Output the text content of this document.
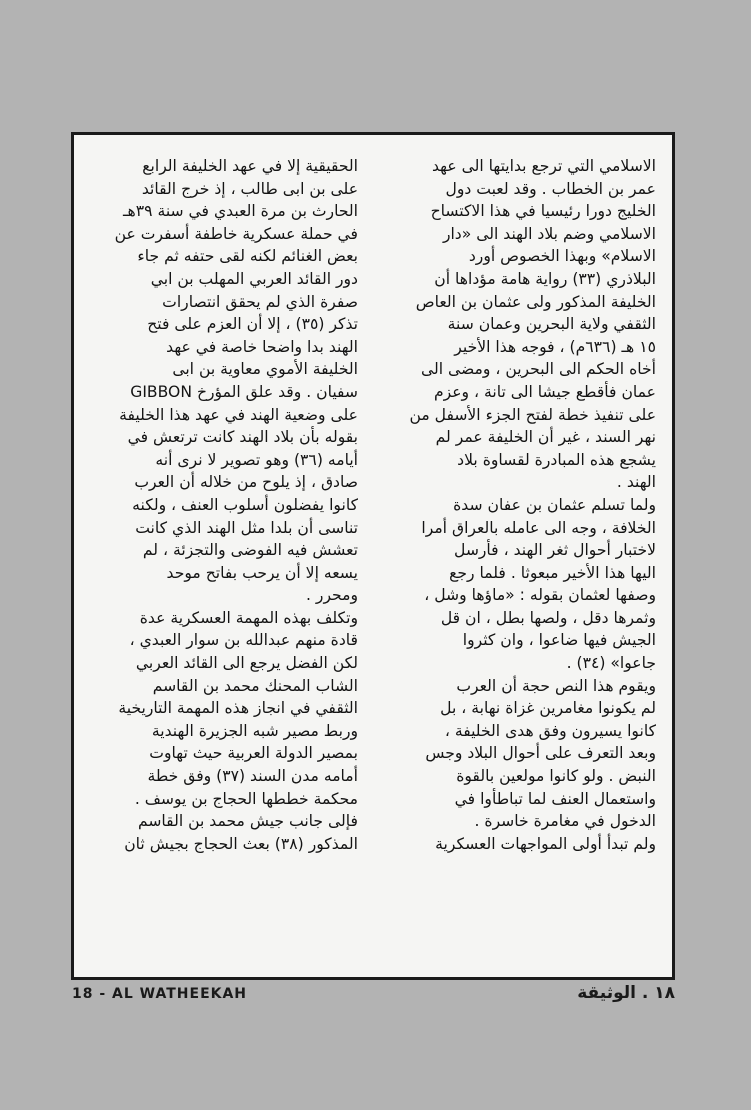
الاسلامي التي ترجع بدايتها الى عهد
عمر بن الخطاب . وقد لعبت دول
الخليج دورا رئيسيا في هذا الاكتساح
الاسلامي وضم بلاد الهند الى «دار
الاسلام» وبهذا الخصوص أورد
البلاذري (٣٣) رواية هامة مؤداها أن
الخليفة المذكور ولى عثمان بن العاص
الثقفي ولاية البحرين وعمان سنة
١٥ هـ (٦٣٦م) ، فوجه هذا الأخير
أخاه الحكم الى البحرين ، ومضى الى
عمان فأقطع جيشا الى تانة ، وعزم
على تنفيذ خطة لفتح الجزء الأسفل من
نهر السند ، غير أن الخليفة عمر لم
يشجع هذه المبادرة لقساوة بلاد
الهند .
ولما تسلم عثمان بن عفان سدة
الخلافة ، وجه الى عامله بالعراق أمرا
لاختبار أحوال ثغر الهند ، فأرسل
اليها هذا الأخير مبعوثا . فلما رجع
وصفها لعثمان بقوله : «ماؤها وشل ،
وثمرها دقل ، ولصها بطل ، ان قل
الجيش فيها ضاعوا ، وان كثروا
جاعوا» (٣٤) .
ويقوم هذا النص حجة أن العرب
لم يكونوا مغامرين غزاة نهابة ، بل
كانوا يسيرون وفق هدى الخليفة ،
وبعد التعرف على أحوال البلاد وجس
النبض . ولو كانوا مولعين بالقوة
واستعمال العنف لما تباطأوا في
الدخول في مغامرة خاسرة .
ولم تبدأ أولى المواجهات العسكرية
الحقيقية إلا في عهد الخليفة الرابع
على بن ابى طالب ، إذ خرج القائد
الحارث بن مرة العبدي في سنة ٣٩هـ
في حملة عسكرية خاطفة أسفرت عن
بعض الغنائم لكنه لقى حتفه ثم جاء
دور القائد العربي المهلب بن ابي
صفرة الذي لم يحقق انتصارات
تذكر (٣٥) ، إلا أن العزم على فتح
الهند بدا واضحا خاصة في عهد
الخليفة الأموي معاوية بن ابى
سفيان . وقد علق المؤرخ GIBBON
على وضعية الهند في عهد هذا الخليفة
بقوله بأن بلاد الهند كانت ترتعش في
أيامه (٣٦) وهو تصوير لا نرى أنه
صادق ، إذ يلوح من خلاله أن العرب
كانوا يفضلون أسلوب العنف ، ولكنه
تناسى أن بلدا مثل الهند الذي كانت
تعشش فيه الفوضى والتجزئة ، لم
يسعه إلا أن يرحب بفاتح موحد
ومحرر .
وتكلف بهذه المهمة العسكرية عدة
قادة منهم عبدالله بن سوار العبدي ،
لكن الفضل يرجع الى القائد العربي
الشاب المحنك محمد بن القاسم
الثقفي في انجاز هذه المهمة التاريخية
وربط مصير شبه الجزيرة الهندية
بمصير الدولة العربية حيث تهاوت
أمامه مدن السند (٣٧) وفق خطة
محكمة خططها الحجاج بن يوسف .
فإلى جانب جيش محمد بن القاسم
المذكور (٣٨) بعث الحجاج بجيش ثان
18 - AL WATHEEKAH	١٨ . الوثيقة
